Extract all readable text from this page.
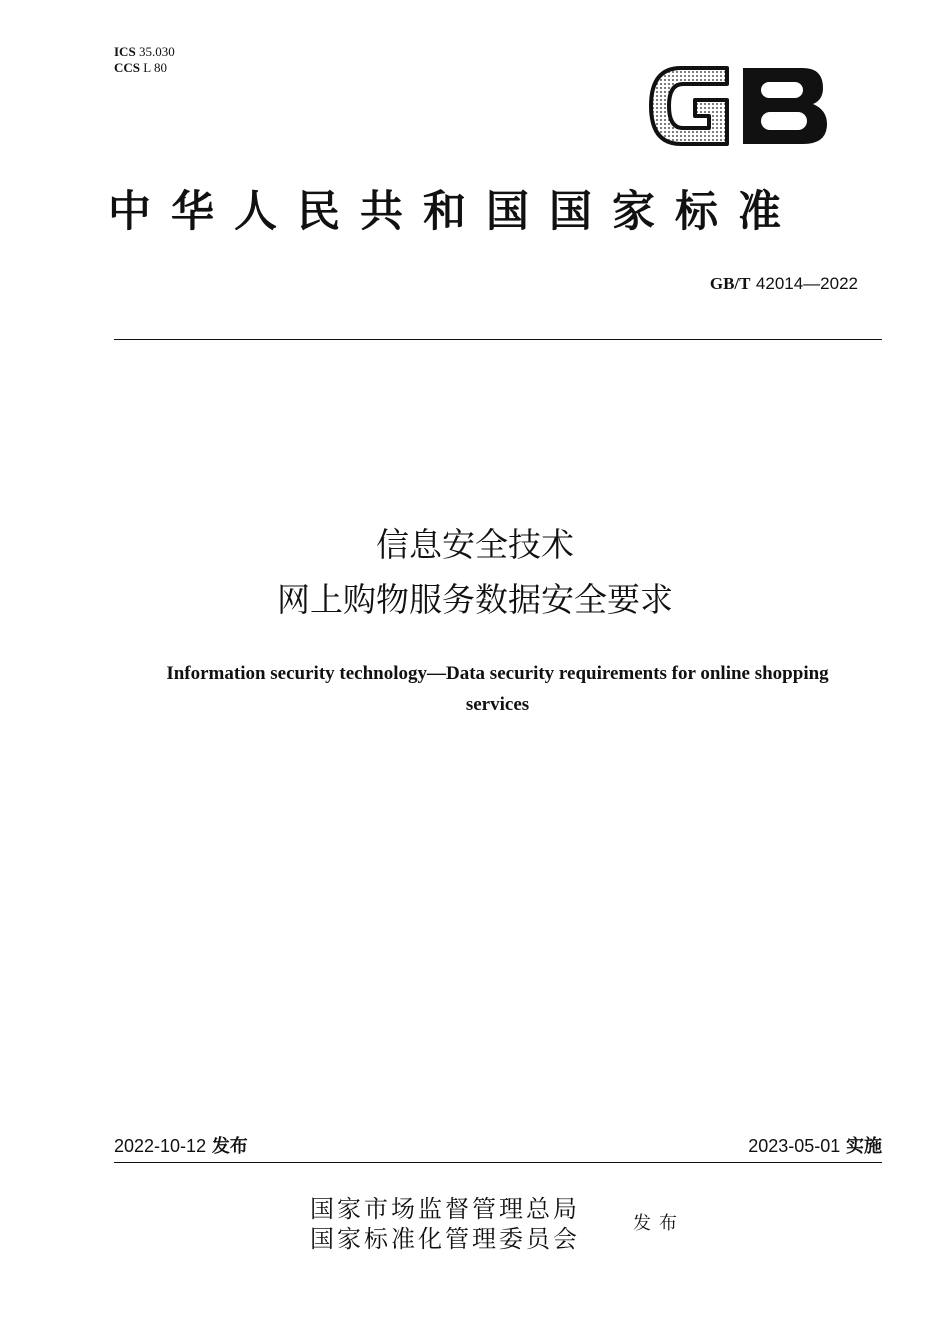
ICS 35.030
CCS L 80
中华人民共和国国家标准
GB/T 42014—2022
信息安全技术
网上购物服务数据安全要求
Information security technology—Data security requirements for online shopping services
2022-10-12 发布	2023-05-01 实施
国家市场监督管理总局
国家标准化管理委员会
发布
